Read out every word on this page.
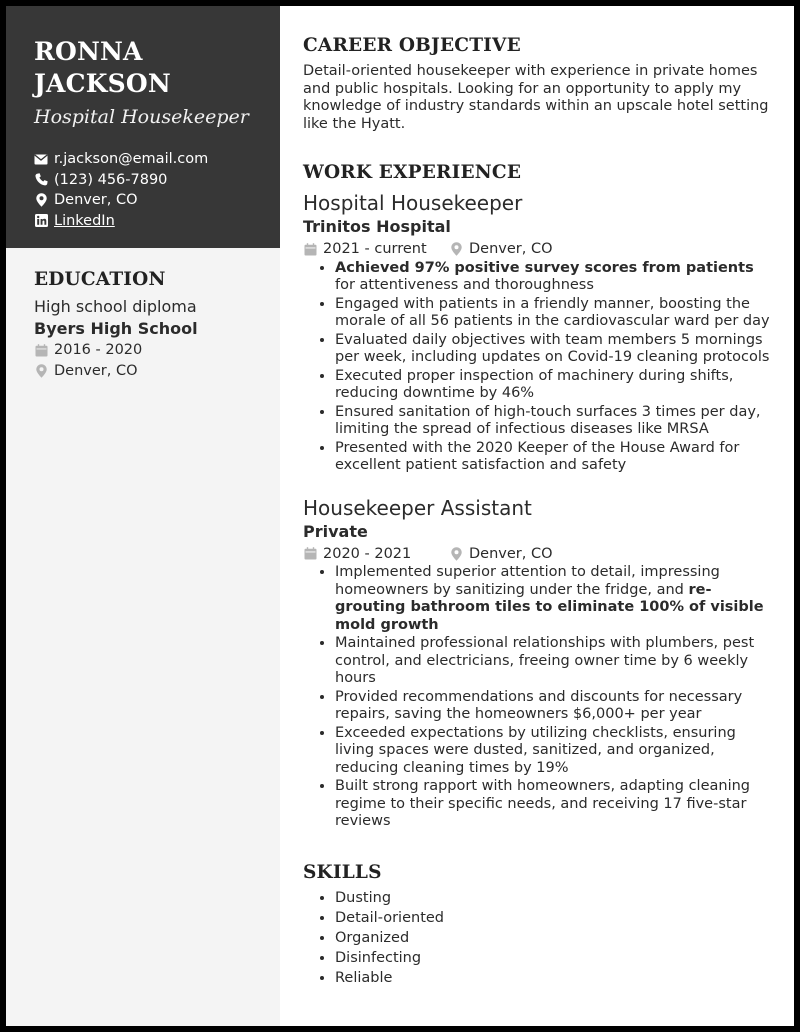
RONNA
JACKSON
Hospital Housekeeper
r.jackson@email.com
(123) 456-7890
Denver, CO
LinkedIn
EDUCATION
High school diploma
Byers High School
2016 - 2020
Denver, CO
CAREER OBJECTIVE

Detail-oriented housekeeper with experience in private homes and public hospitals. Looking for an opportunity to apply my knowledge of industry standards within an upscale hotel setting like the Hyatt.

WORK EXPERIENCE
Hospital Housekeeper
Trinitos Hospital
2021 - current	Denver, CO
• Achieved 97% positive survey scores from patients for attentiveness and thoroughness
• Engaged with patients in a friendly manner, boosting the morale of all 56 patients in the cardiovascular ward per day
• Evaluated daily objectives with team members 5 mornings per week, including updates on Covid-19 cleaning protocols
• Executed proper inspection of machinery during shifts, reducing downtime by 46%
• Ensured sanitation of high-touch surfaces 3 times per day, limiting the spread of infectious diseases like MRSA
• Presented with the 2020 Keeper of the House Award for excellent patient satisfaction and safety
Housekeeper Assistant
Private
2020 - 2021	Denver, CO
• Implemented superior attention to detail, impressing homeowners by sanitizing under the fridge, and re-grouting bathroom tiles to eliminate 100% of visible mold growth
• Maintained professional relationships with plumbers, pest control, and electricians, freeing owner time by 6 weekly hours
• Provided recommendations and discounts for necessary repairs, saving the homeowners $6,000+ per year
• Exceeded expectations by utilizing checklists, ensuring living spaces were dusted, sanitized, and organized, reducing cleaning times by 19%
• Built strong rapport with homeowners, adapting cleaning regime to their specific needs, and receiving 17 five-star reviews
SKILLS
• Dusting
• Detail-oriented
• Organized
• Disinfecting
• Reliable
